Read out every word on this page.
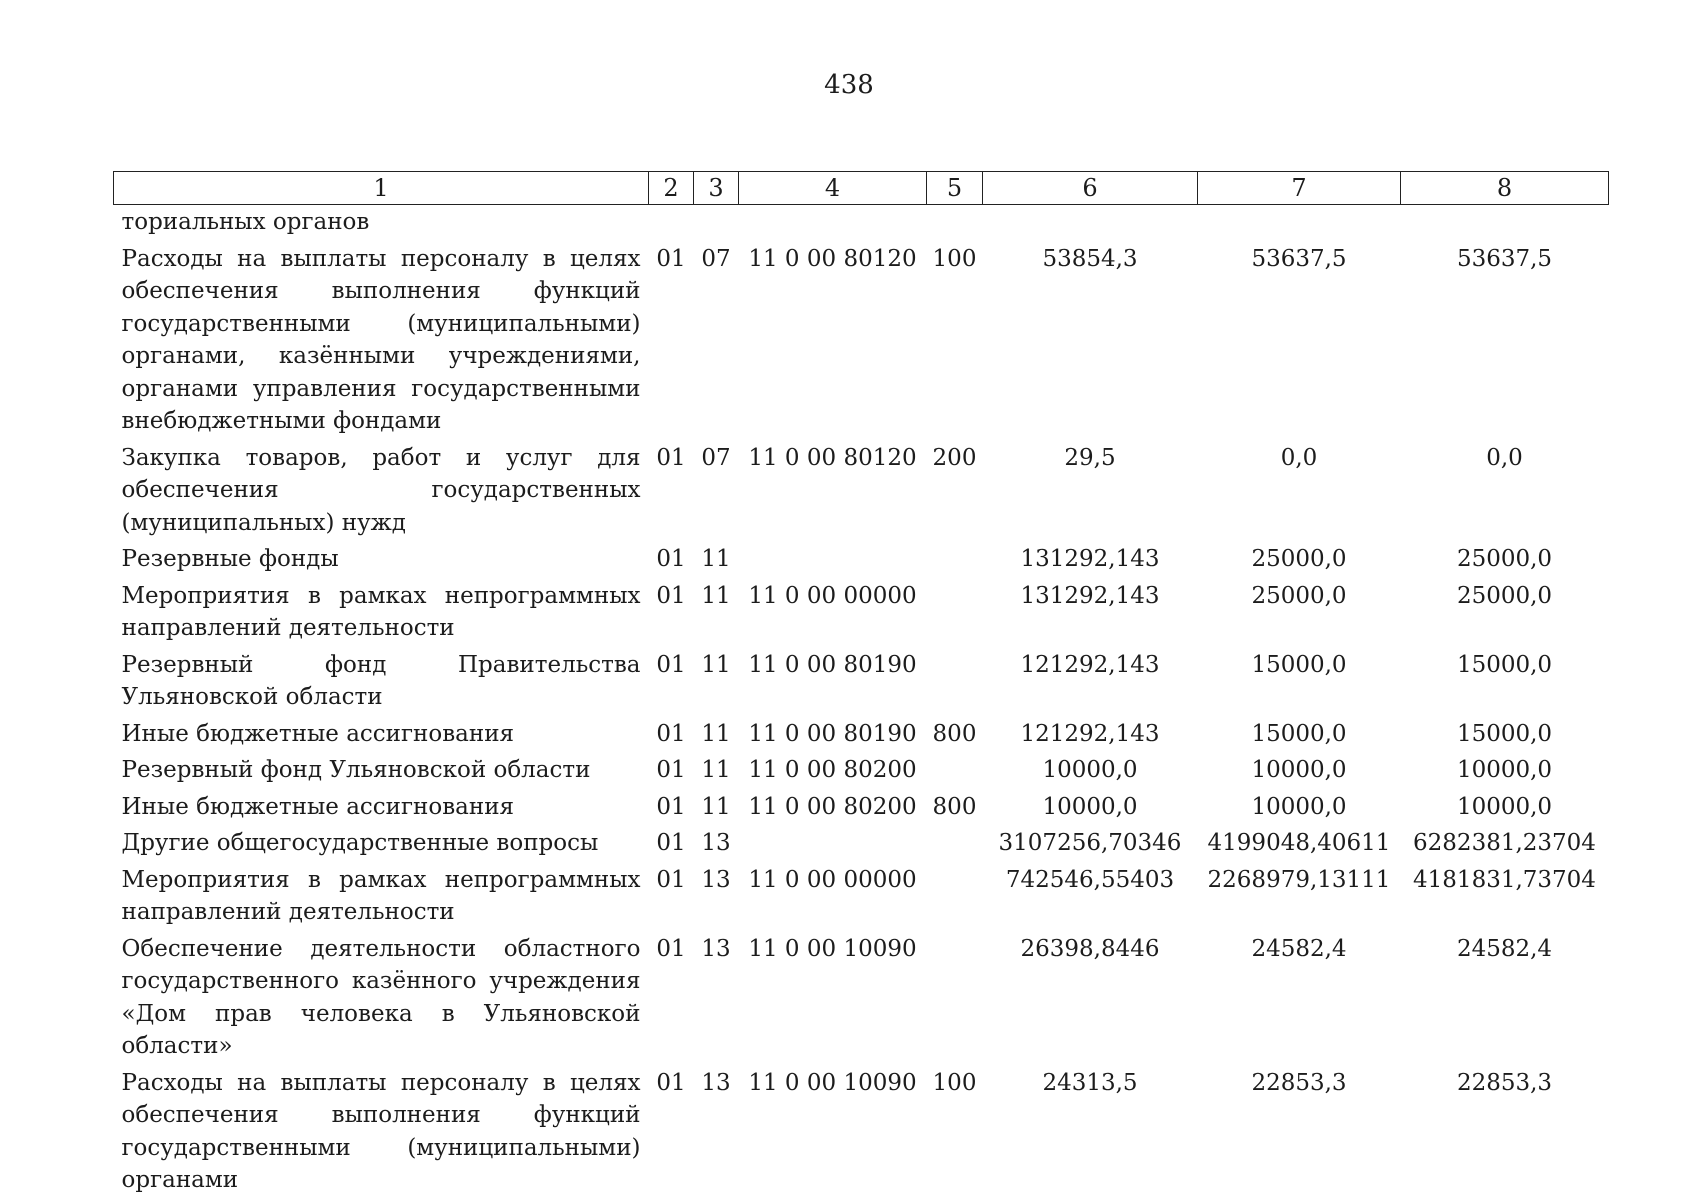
438
1	2	3	4	5	6	7	8
ториальных органов							
Расходы на выплаты персоналу в целях обеспечения выполнения функций государственными (муниципальными) органами, казёнными учреждениями, органами управления государственными внебюджетными фондами	01	07	11 0 00 80120	100	53854,3	53637,5	53637,5
Закупка товаров, работ и услуг для обеспечения государственных (муниципальных) нужд	01	07	11 0 00 80120	200	29,5	0,0	0,0
Резервные фонды	01	11			131292,143	25000,0	25000,0
Мероприятия в рамках непрограммных направлений деятельности	01	11	11 0 00 00000		131292,143	25000,0	25000,0
Резервный фонд Правительства Ульяновской области	01	11	11 0 00 80190		121292,143	15000,0	15000,0
Иные бюджетные ассигнования	01	11	11 0 00 80190	800	121292,143	15000,0	15000,0
Резервный фонд Ульяновской области	01	11	11 0 00 80200		10000,0	10000,0	10000,0
Иные бюджетные ассигнования	01	11	11 0 00 80200	800	10000,0	10000,0	10000,0
Другие общегосударственные вопросы	01	13			3107256,70346	4199048,40611	6282381,23704
Мероприятия в рамках непрограммных направлений деятельности	01	13	11 0 00 00000		742546,55403	2268979,13111	4181831,73704
Обеспечение деятельности областного государственного казённого учреждения «Дом прав человека в Ульяновской области»	01	13	11 0 00 10090		26398,8446	24582,4	24582,4
Расходы на выплаты персоналу в целях обеспечения выполнения функций государственными (муниципальными) органами	01	13	11 0 00 10090	100	24313,5	22853,3	22853,3
